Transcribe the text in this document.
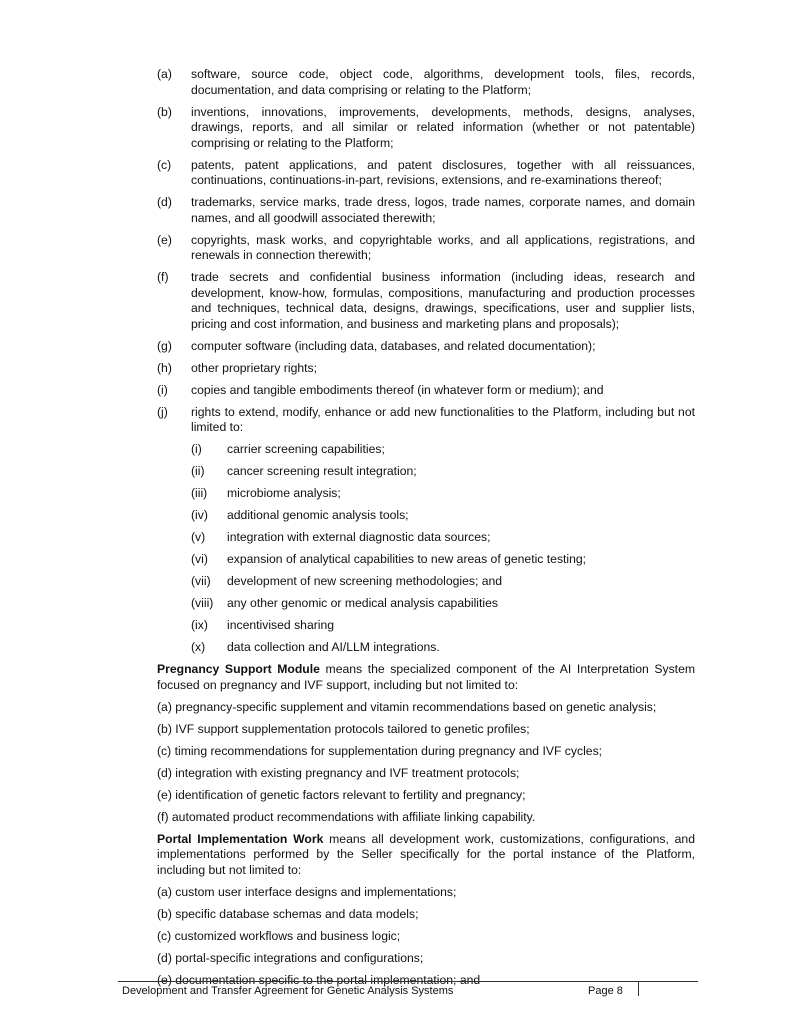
(a) software, source code, object code, algorithms, development tools, files, records, documentation, and data comprising or relating to the Platform;
(b) inventions, innovations, improvements, developments, methods, designs, analyses, drawings, reports, and all similar or related information (whether or not patentable) comprising or relating to the Platform;
(c) patents, patent applications, and patent disclosures, together with all reissuances, continuations, continuations-in-part, revisions, extensions, and re-examinations thereof;
(d) trademarks, service marks, trade dress, logos, trade names, corporate names, and domain names, and all goodwill associated therewith;
(e) copyrights, mask works, and copyrightable works, and all applications, registrations, and renewals in connection therewith;
(f) trade secrets and confidential business information (including ideas, research and development, know-how, formulas, compositions, manufacturing and production processes and techniques, technical data, designs, drawings, specifications, user and supplier lists, pricing and cost information, and business and marketing plans and proposals);
(g) computer software (including data, databases, and related documentation);
(h) other proprietary rights;
(i) copies and tangible embodiments thereof (in whatever form or medium); and
(j) rights to extend, modify, enhance or add new functionalities to the Platform, including but not limited to:
(i) carrier screening capabilities;
(ii) cancer screening result integration;
(iii) microbiome analysis;
(iv) additional genomic analysis tools;
(v) integration with external diagnostic data sources;
(vi) expansion of analytical capabilities to new areas of genetic testing;
(vii) development of new screening methodologies; and
(viii) any other genomic or medical analysis capabilities
(ix) incentivised sharing
(x) data collection and AI/LLM integrations.
Pregnancy Support Module means the specialized component of the AI Interpretation System focused on pregnancy and IVF support, including but not limited to:
(a) pregnancy-specific supplement and vitamin recommendations based on genetic analysis;
(b) IVF support supplementation protocols tailored to genetic profiles;
(c) timing recommendations for supplementation during pregnancy and IVF cycles;
(d) integration with existing pregnancy and IVF treatment protocols;
(e) identification of genetic factors relevant to fertility and pregnancy;
(f) automated product recommendations with affiliate linking capability.
Portal Implementation Work means all development work, customizations, configurations, and implementations performed by the Seller specifically for the portal instance of the Platform, including but not limited to:
(a) custom user interface designs and implementations;
(b) specific database schemas and data models;
(c) customized workflows and business logic;
(d) portal-specific integrations and configurations;
(e) documentation specific to the portal implementation; and
Development and Transfer Agreement for Genetic Analysis Systems	Page 8
